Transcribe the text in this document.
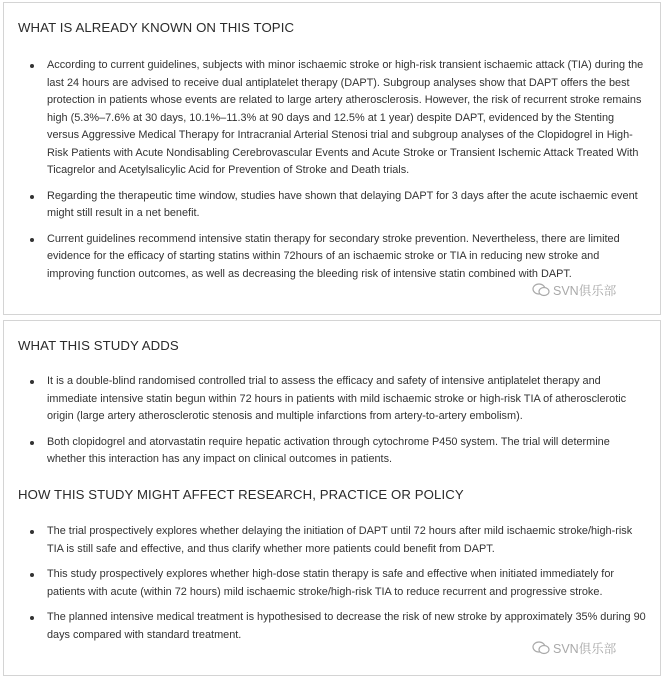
WHAT IS ALREADY KNOWN ON THIS TOPIC
According to current guidelines, subjects with minor ischaemic stroke or high-risk transient ischaemic attack (TIA) during the last 24 hours are advised to receive dual antiplatelet therapy (DAPT). Subgroup analyses show that DAPT offers the best protection in patients whose events are related to large artery atherosclerosis. However, the risk of recurrent stroke remains high (5.3%–7.6% at 30 days, 10.1%–11.3% at 90 days and 12.5% at 1 year) despite DAPT, evidenced by the Stenting versus Aggressive Medical Therapy for Intracranial Arterial Stenosi trial and subgroup analyses of the Clopidogrel in High-Risk Patients with Acute Nondisabling Cerebrovascular Events and Acute Stroke or Transient Ischemic Attack Treated With Ticagrelor and Acetylsalicylic Acid for Prevention of Stroke and Death trials.
Regarding the therapeutic time window, studies have shown that delaying DAPT for 3 days after the acute ischaemic event might still result in a net benefit.
Current guidelines recommend intensive statin therapy for secondary stroke prevention. Nevertheless, there are limited evidence for the efficacy of starting statins within 72hours of an ischaemic stroke or TIA in reducing new stroke and improving function outcomes, as well as decreasing the bleeding risk of intensive statin combined with DAPT.
SVN俱乐部
WHAT THIS STUDY ADDS
It is a double-blind randomised controlled trial to assess the efficacy and safety of intensive antiplatelet therapy and immediate intensive statin begun within 72 hours in patients with mild ischaemic stroke or high-risk TIA of atherosclerotic origin (large artery atherosclerotic stenosis and multiple infarctions from artery-to-artery embolism).
Both clopidogrel and atorvastatin require hepatic activation through cytochrome P450 system. The trial will determine whether this interaction has any impact on clinical outcomes in patients.
HOW THIS STUDY MIGHT AFFECT RESEARCH, PRACTICE OR POLICY
The trial prospectively explores whether delaying the initiation of DAPT until 72 hours after mild ischaemic stroke/high-risk TIA is still safe and effective, and thus clarify whether more patients could benefit from DAPT.
This study prospectively explores whether high-dose statin therapy is safe and effective when initiated immediately for patients with acute (within 72 hours) mild ischaemic stroke/high-risk TIA to reduce recurrent and progressive stroke.
The planned intensive medical treatment is hypothesised to decrease the risk of new stroke by approximately 35% during 90 days compared with standard treatment.
SVN俱乐部
